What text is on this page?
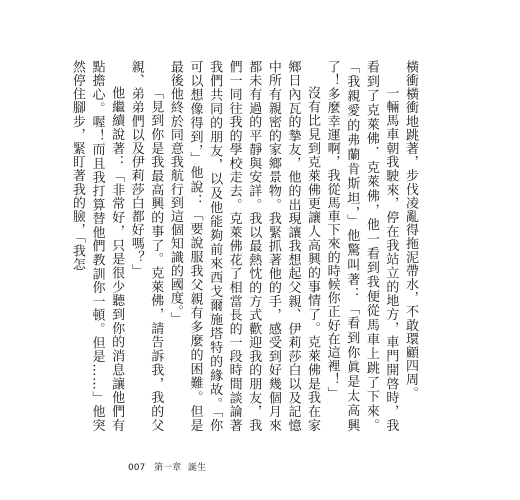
橫衝橫衝地跳著，步伐凌亂得拖泥帶水，不敢環顧四周。

一輛馬車朝我駛來，停在我站立的地方，車門開啓時，我看到了克萊佛．克萊佛，他一看到我便從馬車上跳了下來。「我親愛的弗蘭肯斯坦，」他驚叫著：「看到你眞是太高興了！多麼幸運啊，我從馬車下來的時候你正好在這裡！」

沒有比見到克萊佛更讓人高興的事情了。克萊佛是我在家鄉日內瓦的摯友，他的出現讓我想起父親、伊莉莎白以及記憶中所有親密的家鄉景物。我緊抓著他的手，感受到好幾個月來都未有過的平靜與安詳。我以最熱忱的方式歡迎我的朋友，我們一同往我的學校走去。克萊佛花了相當長的一段時間談論著我們共同的朋友，以及他能夠前來西戈爾施塔特的緣故。「你可以想像得到，」他說：「要說服我父親有多麼的困難。但是最後他終於同意我航行到這個知識的國度。」

「見到你是我最高興的事了。克萊佛，請告訴我，我的父親、弟弟們以及伊莉莎白都好嗎？」

他繼續說著：「非常好，只是很少聽到你的消息讓他們有點擔心。喔！而且我打算替他們教訓你一頓。但是……」他突然停住腳步，緊盯著我的臉，「我怎

007 第一章 誕生
